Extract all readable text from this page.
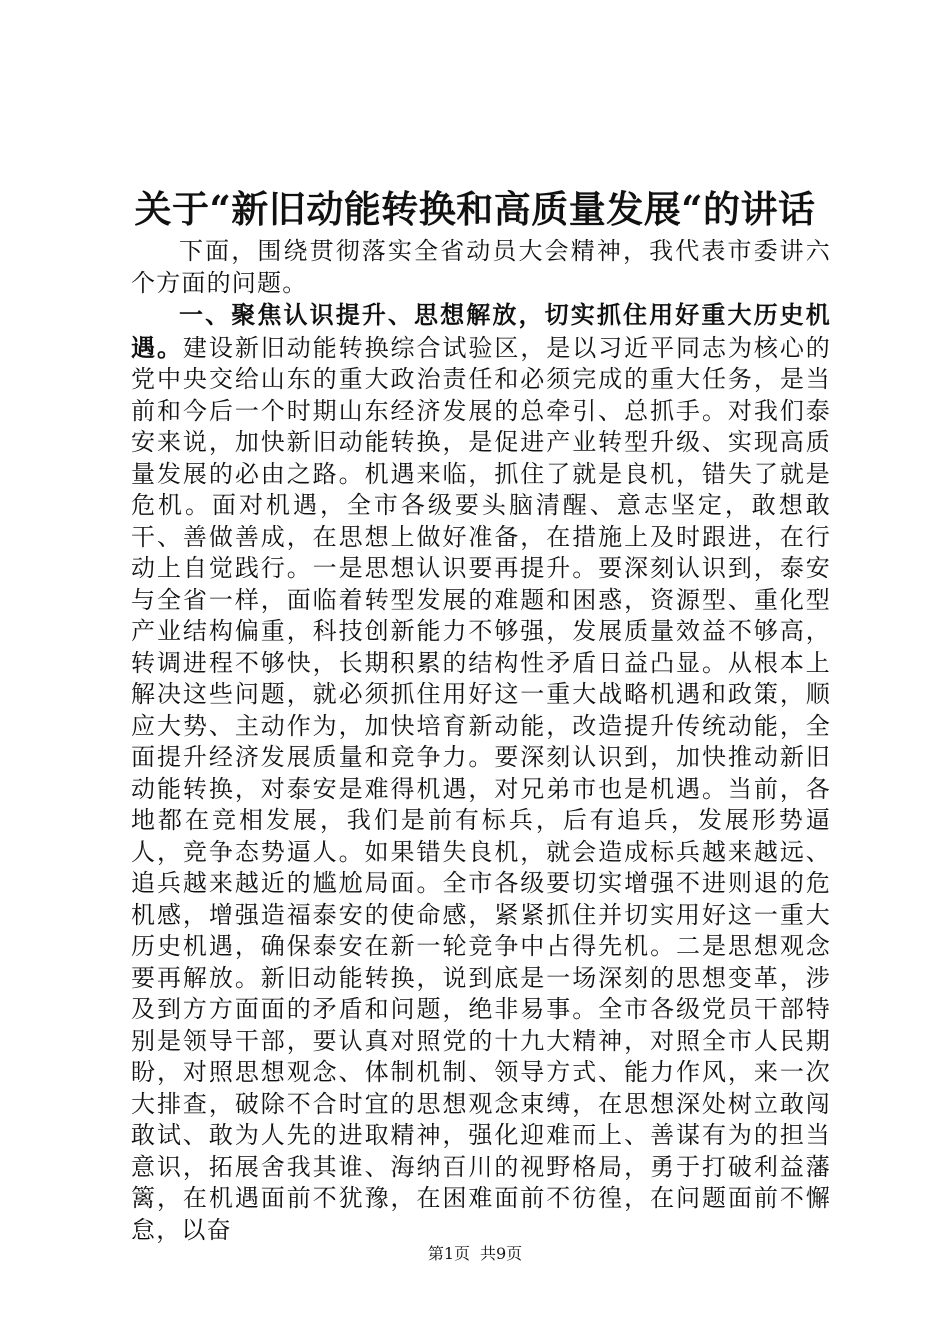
关于“新旧动能转换和高质量发展“的讲话

下面，围绕贯彻落实全省动员大会精神，我代表市委讲六个方面的问题。

一、聚焦认识提升、思想解放，切实抓住用好重大历史机遇。建设新旧动能转换综合试验区，是以习近平同志为核心的党中央交给山东的重大政治责任和必须完成的重大任务，是当前和今后一个时期山东经济发展的总牵引、总抓手。对我们泰安来说，加快新旧动能转换，是促进产业转型升级、实现高质量发展的必由之路。机遇来临，抓住了就是良机，错失了就是危机。面对机遇，全市各级要头脑清醒、意志坚定，敢想敢干、善做善成，在思想上做好准备，在措施上及时跟进，在行动上自觉践行。一是思想认识要再提升。要深刻认识到，泰安与全省一样，面临着转型发展的难题和困惑，资源型、重化型产业结构偏重，科技创新能力不够强，发展质量效益不够高，转调进程不够快，长期积累的结构性矛盾日益凸显。从根本上解决这些问题，就必须抓住用好这一重大战略机遇和政策，顺应大势、主动作为，加快培育新动能，改造提升传统动能，全面提升经济发展质量和竞争力。要深刻认识到，加快推动新旧动能转换，对泰安是难得机遇，对兄弟市也是机遇。当前，各地都在竞相发展，我们是前有标兵，后有追兵，发展形势逼人，竞争态势逼人。如果错失良机，就会造成标兵越来越远、追兵越来越近的尴尬局面。全市各级要切实增强不进则退的危机感，增强造福泰安的使命感，紧紧抓住并切实用好这一重大历史机遇，确保泰安在新一轮竞争中占得先机。二是思想观念要再解放。新旧动能转换，说到底是一场深刻的思想变革，涉及到方方面面的矛盾和问题，绝非易事。全市各级党员干部特别是领导干部，要认真对照党的十九大精神，对照全市人民期盼，对照思想观念、体制机制、领导方式、能力作风，来一次大排查，破除不合时宜的思想观念束缚，在思想深处树立敢闯敢试、敢为人先的进取精神，强化迎难而上、善谋有为的担当意识，拓展舍我其谁、海纳百川的视野格局，勇于打破利益藩篱，在机遇面前不犹豫，在困难面前不彷徨，在问题面前不懈怠，以奋

第1页 共9页
